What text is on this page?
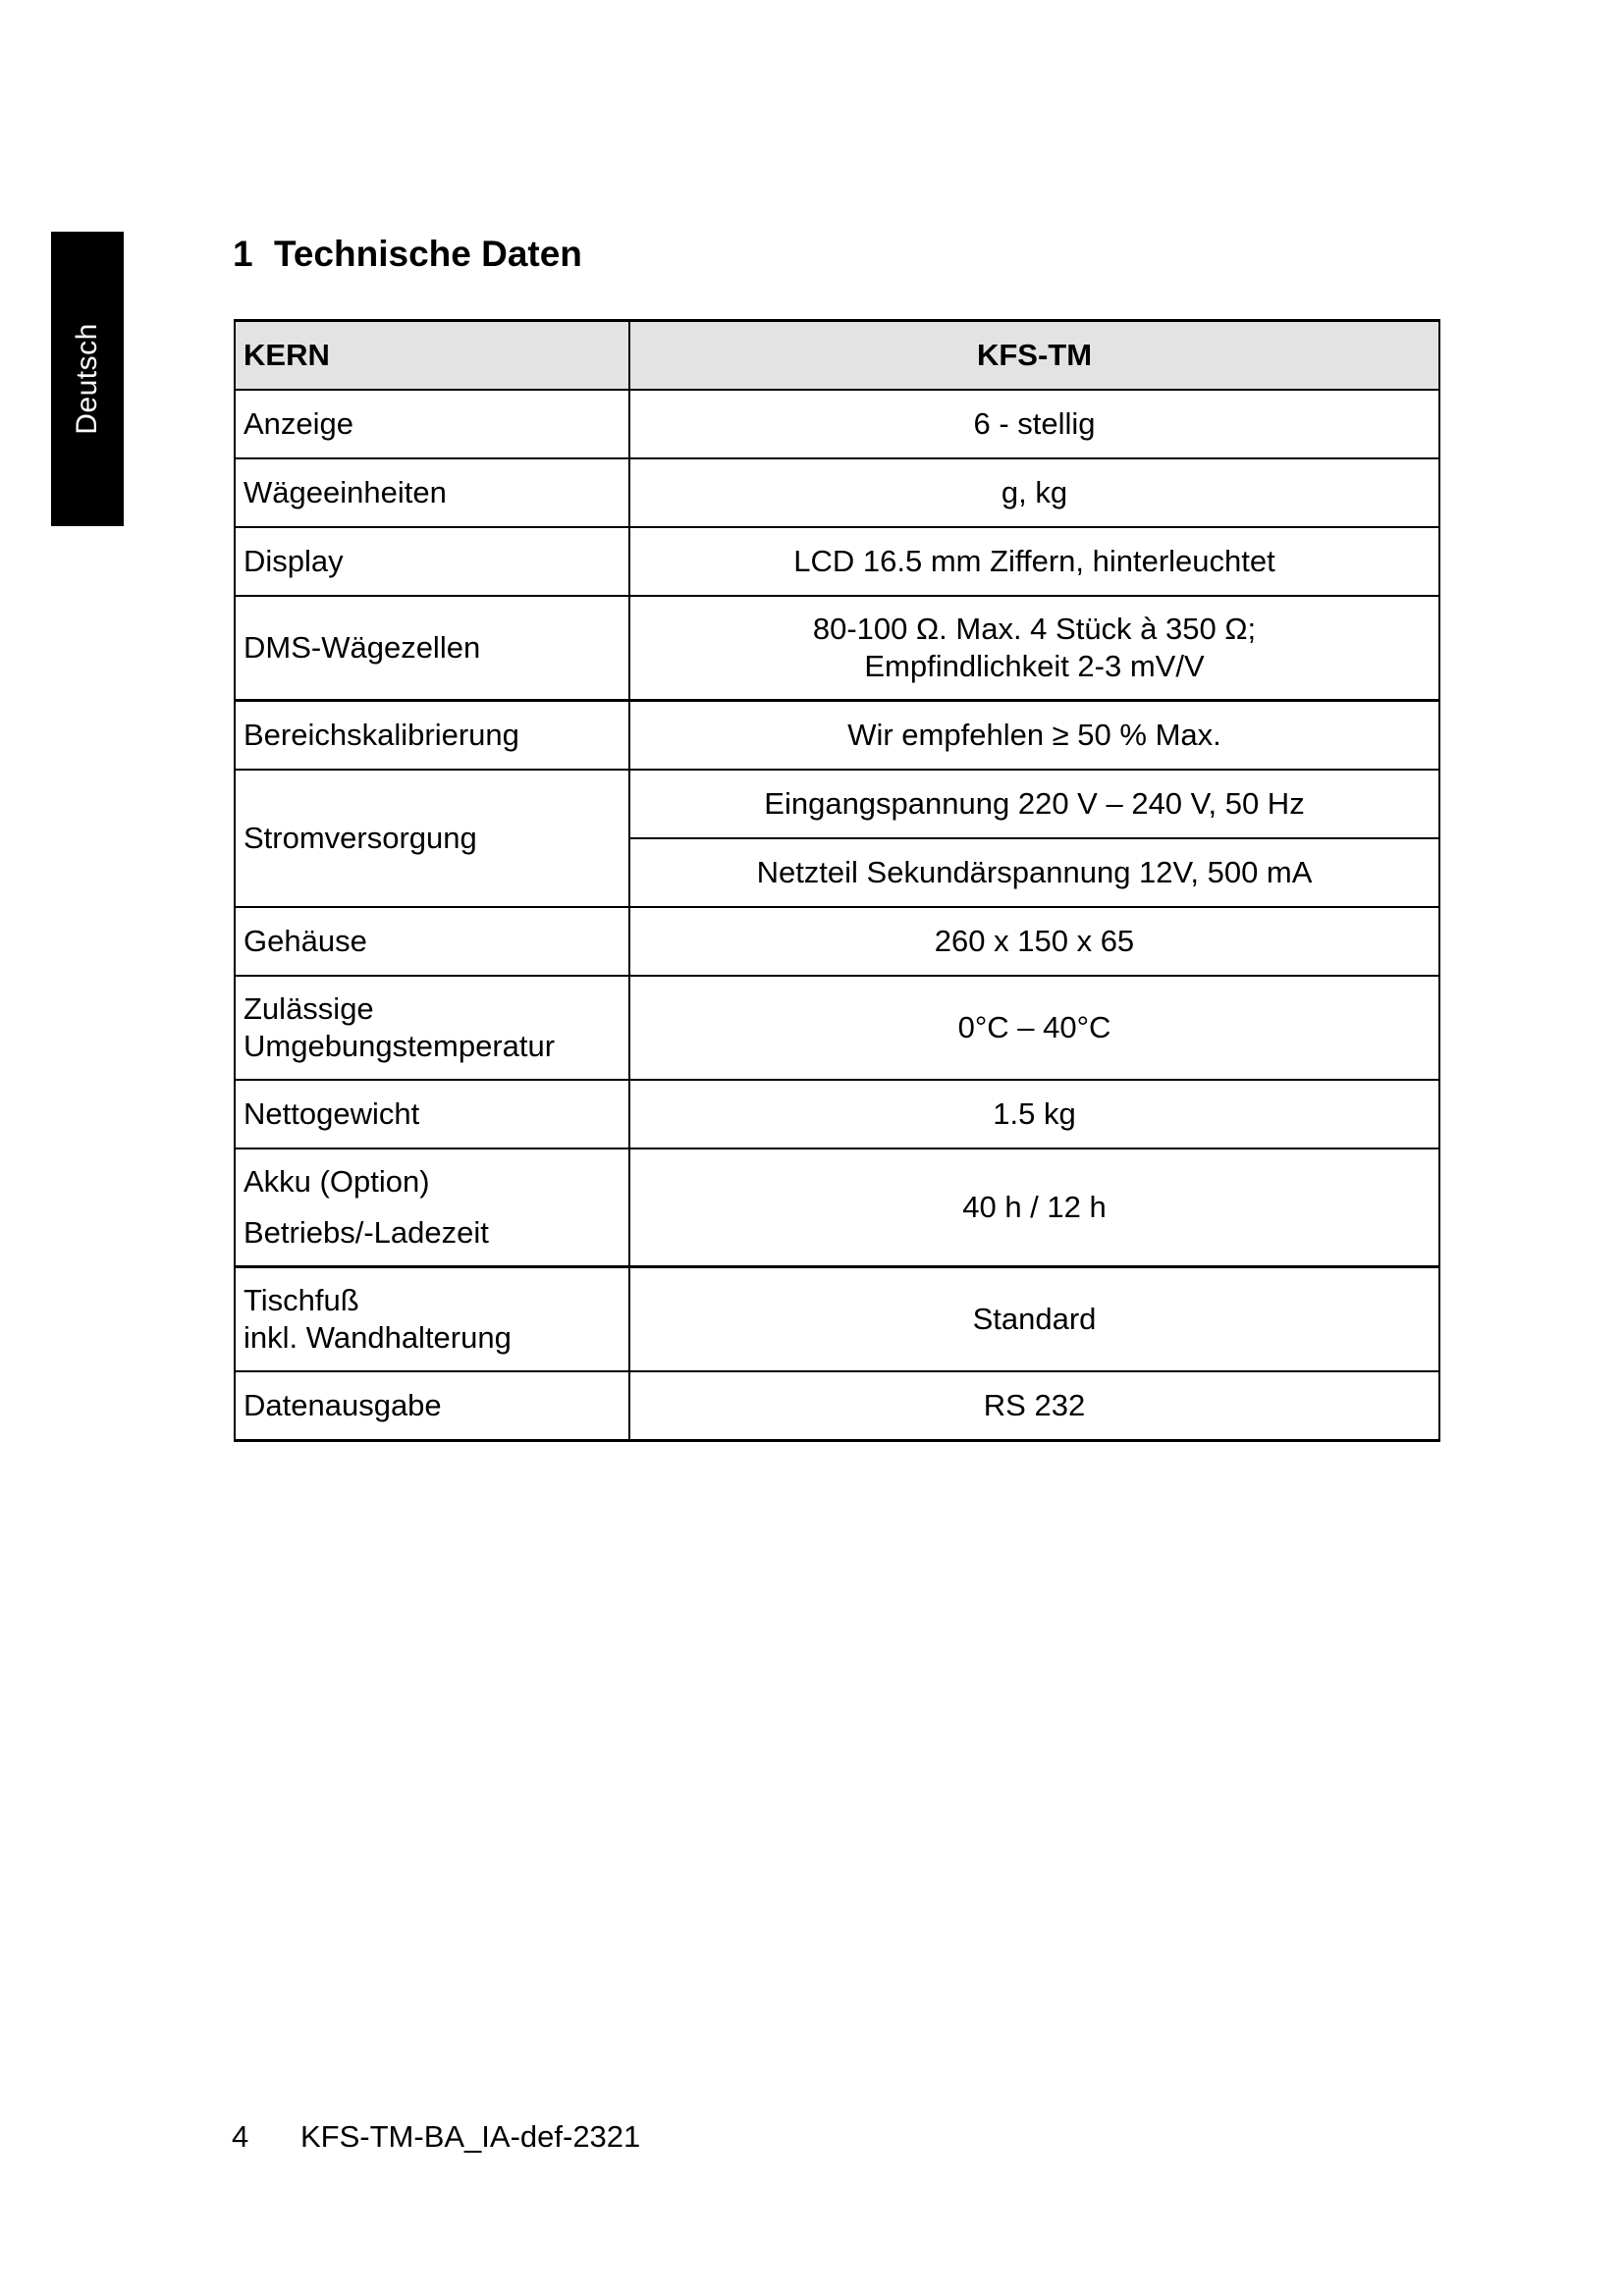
Deutsch
1 Technische Daten
KERN	KFS-TM
Anzeige	6 - stellig
Wägeeinheiten	g, kg
Display	LCD 16.5 mm Ziffern, hinterleuchtet
DMS-Wägezellen	80-100 Ω. Max. 4 Stück à 350 Ω;
Empfindlichkeit 2-3 mV/V

Bereichskalibrierung	Wir empfehlen ≥ 50 % Max.
Stromversorgung	Eingangspannung 220 V – 240 V, 50 Hz
	Netzteil Sekundärspannung 12V, 500 mA
Gehäuse	260 x 150 x 65

Zulässige
Umgebungstemperatur	0°C – 40°C
Nettogewicht	1.5 kg

Akku (Option)
Betriebs/-Ladezeit	40 h / 12 h

Tischfuß
inkl. Wandhalterung	Standard
Datenausgabe	RS 232
4 KFS-TM-BA_IA-def-2321
